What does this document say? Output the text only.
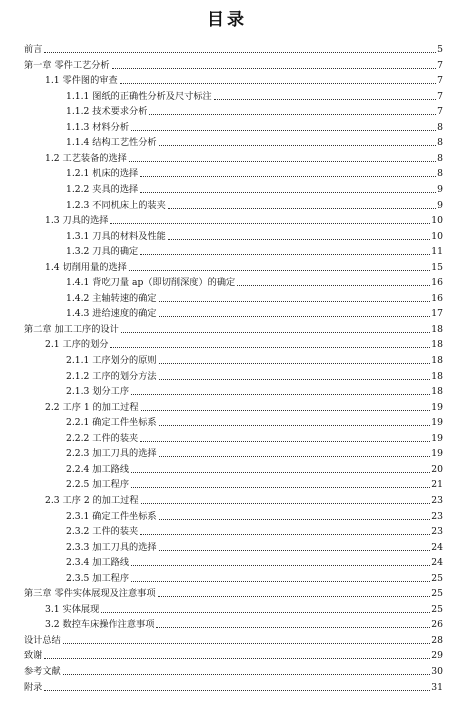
目录
前言	5
第一章 零件工艺分析	7
1.1 零件图的审查	7
1.1.1 图纸的正确性分析及尺寸标注	7
1.1.2 技术要求分析	7
1.1.3 材料分析	8
1.1.4 结构工艺性分析	8
1.2 工艺装备的选择	8
1.2.1 机床的选择	8
1.2.2 夹具的选择	9
1.2.3 不同机床上的装夹	9
1.3 刀具的选择	10
1.3.1 刀具的材料及性能	10
1.3.2 刀具的确定	11
1.4 切削用量的选择	15
1.4.1 背吃刀量 ap（即切削深度）的确定	16
1.4.2 主轴转速的确定	16
1.4.3 进给速度的确定	17
第二章 加工工序的设计	18
2.1 工序的划分	18
2.1.1 工序划分的原则	18
2.1.2 工序的划分方法	18
2.1.3 划分工序	18
2.2 工序 1 的加工过程	19
2.2.1 确定工件坐标系	19
2.2.2 工件的装夹	19
2.2.3 加工刀具的选择	19
2.2.4 加工路线	20
2.2.5 加工程序	21
2.3 工序 2 的加工过程	23
2.3.1 确定工件坐标系	23
2.3.2 工件的装夹	23
2.3.3 加工刀具的选择	24
2.3.4 加工路线	24
2.3.5 加工程序	25
第三章 零件实体展现及注意事项	25
3.1 实体展现	25
3.2 数控车床操作注意事项	26
设计总结	28
致谢	29
参考文献	30
附录	31
